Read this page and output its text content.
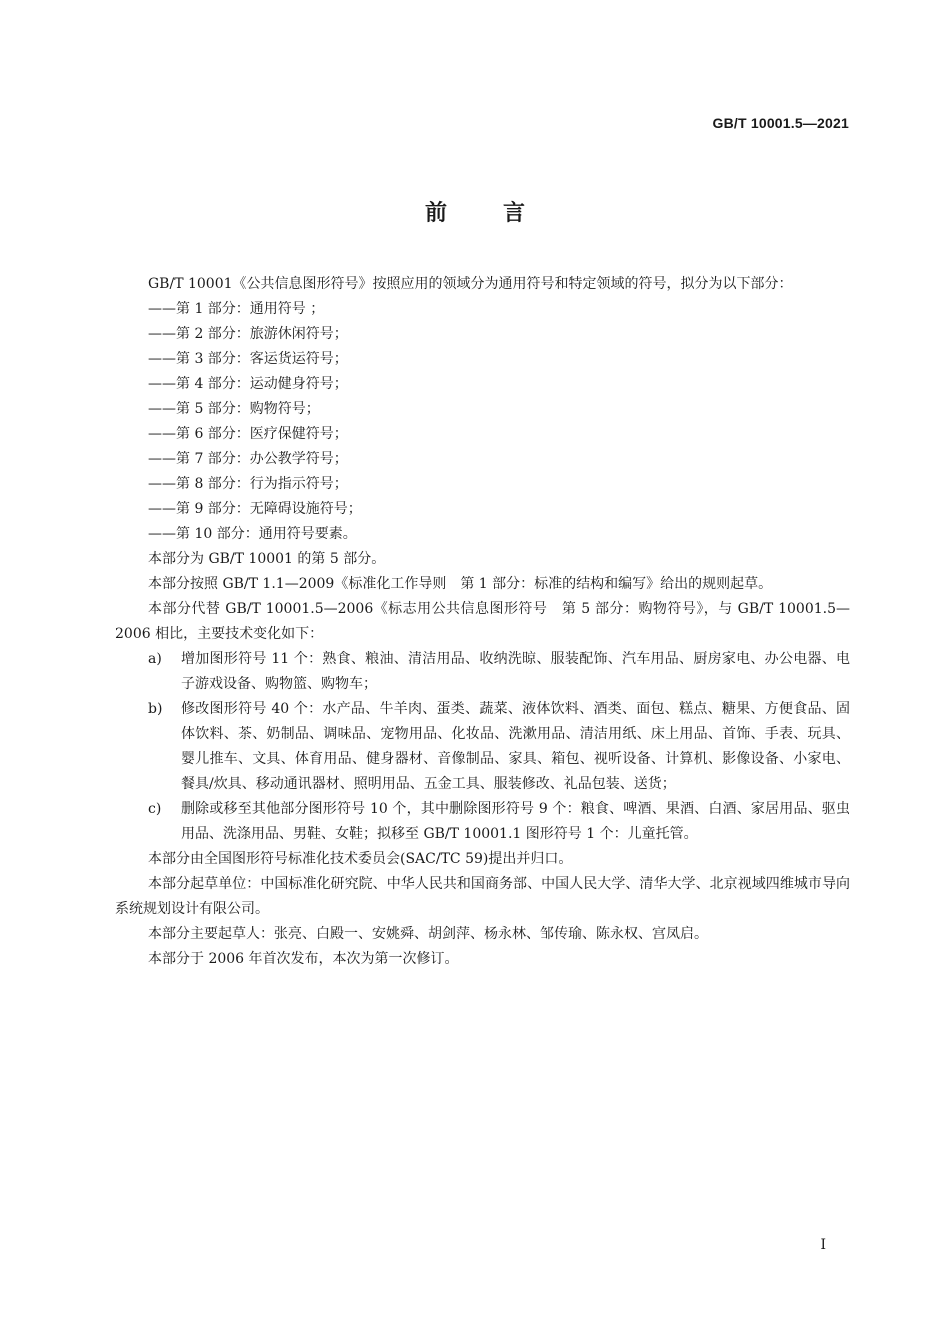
GB/T 10001.5—2021
前	言

GB/T 10001《公共信息图形符号》按照应用的领域分为通用符号和特定领域的符号，拟分为以下部分：

——第 1 部分：通用符号 ；

——第 2 部分：旅游休闲符号；

——第 3 部分：客运货运符号；

——第 4 部分：运动健身符号；

——第 5 部分：购物符号；

——第 6 部分：医疗保健符号；

——第 7 部分：办公教学符号；

——第 8 部分：行为指示符号；

——第 9 部分：无障碍设施符号；

——第 10 部分：通用符号要素。

本部分为 GB/T 10001 的第 5 部分。

本部分按照 GB/T 1.1—2009《标准化工作导则　第 1 部分：标准的结构和编写》给出的规则起草。

本部分代替 GB/T 10001.5—2006《标志用公共信息图形符号　第 5 部分：购物符号》，与 GB/T 10001.5—2006 相比，主要技术变化如下：

a) 增加图形符号 11 个：熟食、粮油、清洁用品、收纳洗晾、服装配饰、汽车用品、厨房家电、办公电器、电子游戏设备、购物篮、购物车；

b) 修改图形符号 40 个：水产品、牛羊肉、蛋类、蔬菜、液体饮料、酒类、面包、糕点、糖果、方便食品、固体饮料、茶、奶制品、调味品、宠物用品、化妆品、洗漱用品、清洁用纸、床上用品、首饰、手表、玩具、婴儿推车、文具、体育用品、健身器材、音像制品、家具、箱包、视听设备、计算机、影像设备、小家电、餐具/炊具、移动通讯器材、照明用品、五金工具、服装修改、礼品包装、送货；

c) 删除或移至其他部分图形符号 10 个，其中删除图形符号 9 个：粮食、啤酒、果酒、白酒、家居用品、驱虫用品、洗涤用品、男鞋、女鞋；拟移至 GB/T 10001.1 图形符号 1 个：儿童托管。

本部分由全国图形符号标准化技术委员会(SAC/TC 59)提出并归口。

本部分起草单位：中国标准化研究院、中华人民共和国商务部、中国人民大学、清华大学、北京视域四维城市导向系统规划设计有限公司。

本部分主要起草人：张亮、白殿一、安姚舜、胡剑萍、杨永林、邹传瑜、陈永权、宫凤启。

本部分于 2006 年首次发布，本次为第一次修订。

I
